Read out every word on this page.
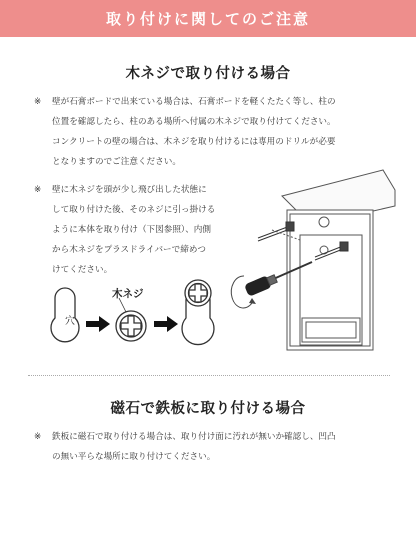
取り付けに関してのご注意
木ネジで取り付ける場合
※ 壁が石膏ボードで出来ている場合は、石膏ボードを軽くたたく等し、柱の
位置を確認したら、柱のある場所へ付属の木ネジで取り付けてください。
コンクリートの壁の場合は、木ネジを取り付けるには専用のドリルが必要
となりますのでご注意ください。
※ 壁に木ネジを頭が少し飛び出した状態に
して取り付けた後、そのネジに引っ掛ける
ように本体を取り付け（下図参照）、内側
から木ネジをプラスドライバーで締めつ
けてください。
穴
木ネジ
磁石で鉄板に取り付ける場合
※ 鉄板に磁石で取り付ける場合は、取り付け面に汚れが無いか確認し、凹凸
の無い平らな場所に取り付けてください。
